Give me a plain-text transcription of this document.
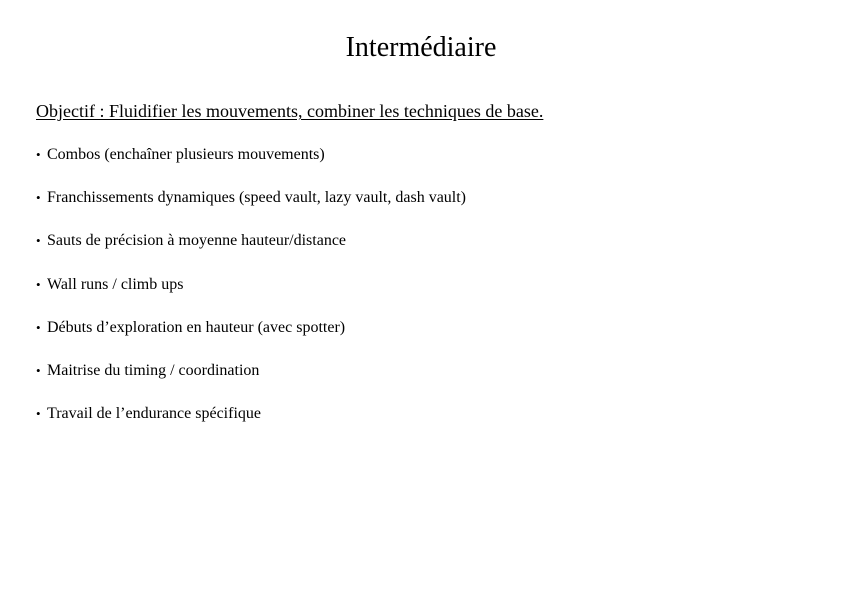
Intermédiaire
Objectif : Fluidifier les mouvements, combiner les techniques de base.
• Combos (enchaîner plusieurs mouvements)
• Franchissements dynamiques (speed vault, lazy vault, dash vault)
• Sauts de précision à moyenne hauteur/distance
• Wall runs / climb ups
• Débuts d’exploration en hauteur (avec spotter)
• Maitrise du timing / coordination
• Travail de l’endurance spécifique
